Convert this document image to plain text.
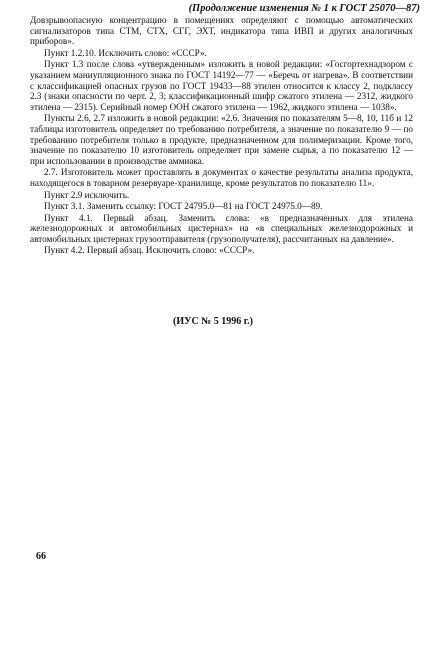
(Продолжение изменения № 1 к ГОСТ 25070—87)

Довзрывоопасную концентрацию в помещениях определяют с помощью автоматических сигнализаторов типа СТМ, СТХ, СГГ, ЭХТ, индикатора типа ИВП и других аналогичных приборов».

Пункт 1.2.10. Исключить слово: «СССР».

Пункт 1.3 после слова «утвержденным» изложить в новой редакции: «Госгортехнадзором с указанием маниупляционного знака по ГОСТ 14192—77 — «Беречь от нагрева». В соответствии с классификацией опасных грузов по ГОСТ 19433—88 этилен относится к классу 2, подклассу 2.3 (знаки опасности по черт. 2, 3; классификационный шифр сжатого этилена — 2312, жидкого этилена — 2315). Серийный номер ООН сжатого этилена — 1962, жидкого этилена — 1038».

Пункты 2.6, 2.7 изложить в новой редакции: «2.6. Значения по показателям 5—8, 10, 11б и 12 таблицы изготовитель определяет по требованию потребителя, а значение по показателю 9 — по требованию потребителя только в продукте, предназначенном для полимеризации. Кроме того, значение по показателю 10 изготовитель определяет при замене сырья, а по показателю 12 — при использовании в производстве аммиака.

2.7. Изготовитель может проставлять в документах о качестве результаты анализа продукта, находящегося в товарном резервуаре-хранилище, кроме результатов по показателю 11».

Пункт 2.9 исключить.

Пункт 3.1. Заменить ссылку: ГОСТ 24795.0—81 на ГОСТ 24975.0—89.

Пункт 4.1. Первый абзац. Заменить слова: «в предназначенных для этилена железнодорожных и автомобильных цистернах» на «в специальных железнодорожных и автомобильных цистернах грузоотправителя (грузополучателя), рассчитанных на давление».

Пункт 4.2. Первый абзац. Исключить слово: «СССР».

(ИУС № 5 1996 г.)
66
